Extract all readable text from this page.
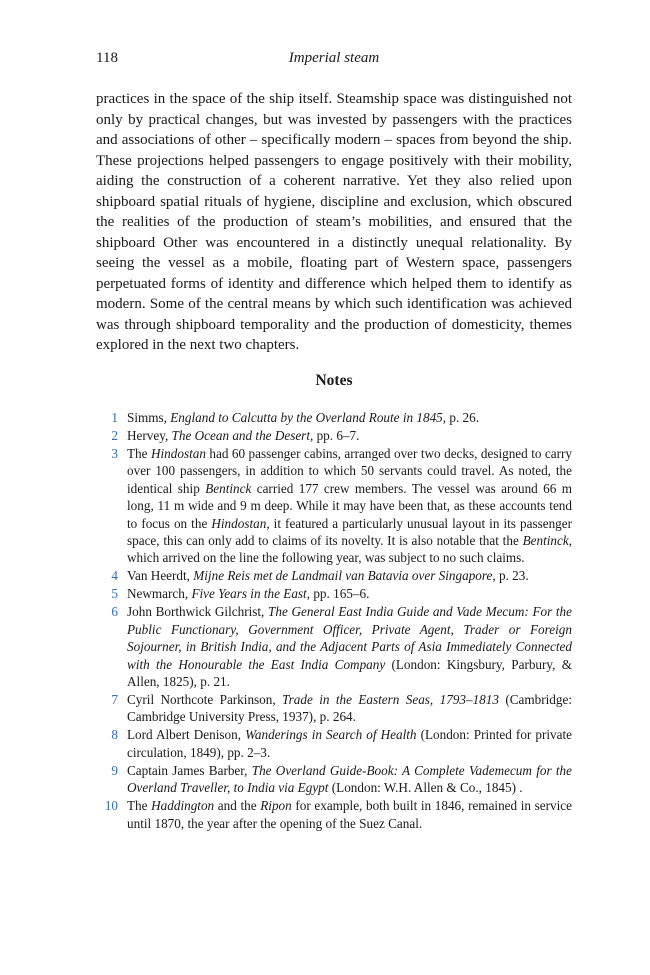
118	Imperial steam

practices in the space of the ship itself. Steamship space was distinguished not only by practical changes, but was invested by passengers with the practices and associations of other – specifically modern – spaces from beyond the ship. These projections helped passengers to engage positively with their mobility, aiding the construction of a coherent narrative. Yet they also relied upon shipboard spatial rituals of hygiene, discipline and exclusion, which obscured the realities of the production of steam’s mobilities, and ensured that the shipboard Other was encountered in a distinctly unequal relationality. By seeing the vessel as a mobile, floating part of Western space, passengers perpetuated forms of identity and difference which helped them to identify as modern. Some of the central means by which such identification was achieved was through shipboard temporality and the production of domesticity, themes explored in the next two chapters.

Notes
1 Simms, England to Calcutta by the Overland Route in 1845, p. 26.
2 Hervey, The Ocean and the Desert, pp. 6–7.
3 The Hindostan had 60 passenger cabins, arranged over two decks, designed to carry over 100 passengers, in addition to which 50 servants could travel. As noted, the identical ship Bentinck carried 177 crew members. The vessel was around 66 m long, 11 m wide and 9 m deep. While it may have been that, as these accounts tend to focus on the Hindostan, it featured a particularly unusual layout in its passenger space, this can only add to claims of its novelty. It is also notable that the Bentinck, which arrived on the line the following year, was subject to no such claims.
4 Van Heerdt, Mijne Reis met de Landmail van Batavia over Singapore, p. 23.
5 Newmarch, Five Years in the East, pp. 165–6.
6 John Borthwick Gilchrist, The General East India Guide and Vade Mecum: For the Public Functionary, Government Officer, Private Agent, Trader or Foreign Sojourner, in British India, and the Adjacent Parts of Asia Immediately Connected with the Honourable the East India Company (London: Kingsbury, Parbury, & Allen, 1825), p. 21.
7 Cyril Northcote Parkinson, Trade in the Eastern Seas, 1793–1813 (Cambridge: Cambridge University Press, 1937), p. 264.
8 Lord Albert Denison, Wanderings in Search of Health (London: Printed for private circulation, 1849), pp. 2–3.
9 Captain James Barber, The Overland Guide-Book: A Complete Vademecum for the Overland Traveller, to India via Egypt (London: W.H. Allen & Co., 1845) .
10 The Haddington and the Ripon for example, both built in 1846, remained in service until 1870, the year after the opening of the Suez Canal.
